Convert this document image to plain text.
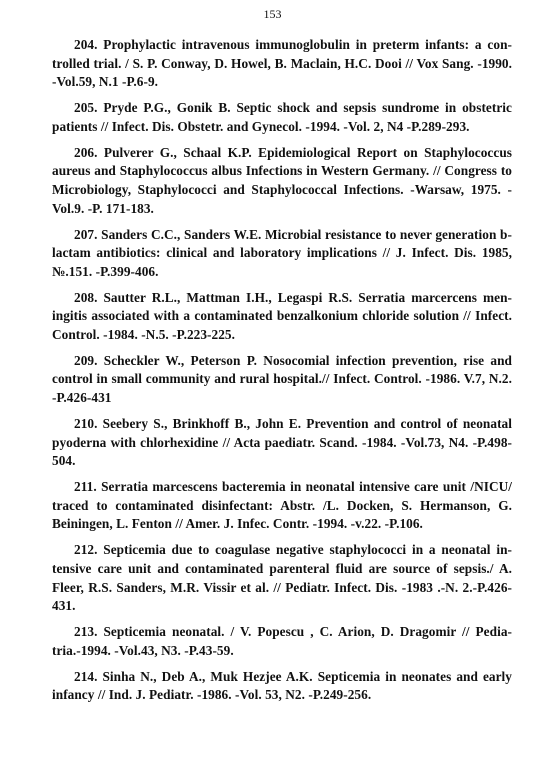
153

204. Prophylactic intravenous immunoglobulin in preterm infants: a con-trolled trial. / S. P. Conway, D. Howel, B. Maclain, H.C. Dooi // Vox Sang. -1990. -Vol.59, N.1 -P.6-9.

205. Pryde P.G., Gonik B. Septic shock and sepsis sundrome in obstetric patients // Infect. Dis. Obstetr. and Gynecol. -1994. -Vol. 2, N4 -P.289-293.

206. Pulverer G., Schaal K.P. Epidemiological Report on Staphylococcus aureus and Staphylococcus albus Infections in Western Germany. // Congress to Microbiology, Staphylococci and Staphylococcal Infections. -Warsaw, 1975. -Vol.9. -P. 171-183.

207. Sanders C.C., Sanders W.E. Microbial resistance to never generation b-lactam antibiotics: clinical and laboratory implications // J. Infect. Dis. 1985, №.151. -P.399-406.

208. Sautter R.L., Mattman I.H., Legaspi R.S. Serratia marcercens men-ingitis associated with a contaminated benzalkonium chloride solution // Infect. Control. -1984. -N.5. -P.223-225.

209. Scheckler W., Peterson P. Nosocomial infection prevention, rise and control in small community and rural hospital.// Infect. Control. -1986. V.7, N.2. -P.426-431

210. Seebery S., Brinkhoff B., John E. Prevention and control of neonatal pyoderna with chlorhexidine // Acta paediatr. Scand. -1984. -Vol.73, N4. -P.498-504.

211. Serratia marcescens bacteremia in neonatal intensive care unit /NICU/ traced to contaminated disinfectant: Abstr. /L. Docken, S. Hermanson, G. Beiningen, L. Fenton // Amer. J. Infec. Contr. -1994. -v.22. -P.106.

212. Septicemia due to coagulase negative staphylococci in a neonatal in-tensive care unit and contaminated parenteral fluid are source of sepsis./ A. Fleer, R.S. Sanders, M.R. Vissir et al. // Pediatr. Infect. Dis. -1983 .-N. 2.-P.426-431.

213. Septicemia neonatal. / V. Popescu , C. Arion, D. Dragomir // Pedia-tria.-1994. -Vol.43, N3. -P.43-59.

214. Sinha N., Deb A., Muk Hezjee A.K. Septicemia in neonates and early infancy // Ind. J. Pediatr. -1986. -Vol. 53, N2. -P.249-256.
